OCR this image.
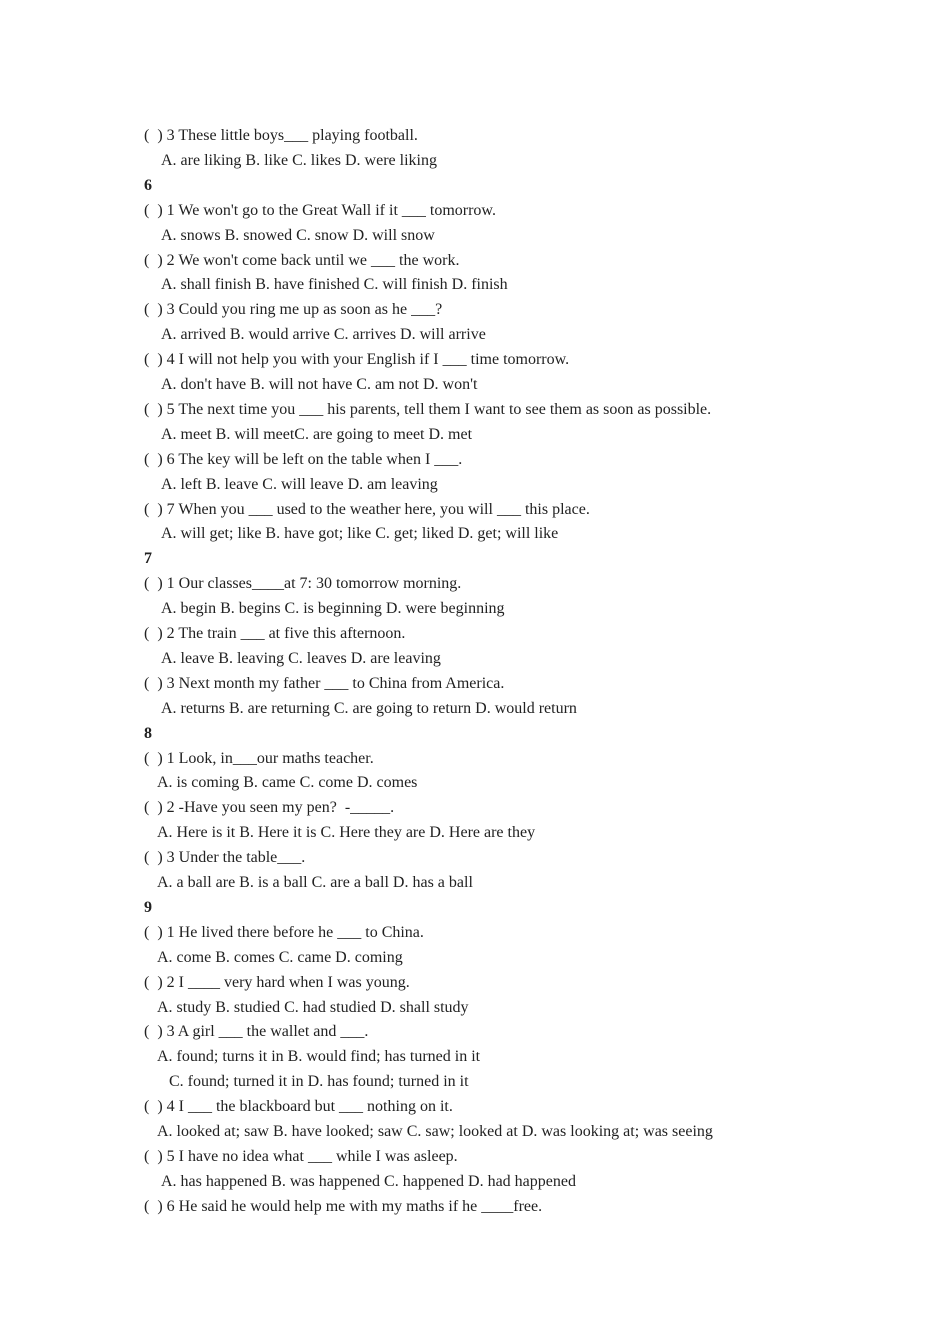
(  ) 3 These little boys___ playing football.
A. are liking B. like C. likes D. were liking
6
(  ) 1 We won't go to the Great Wall if it ___ tomorrow.
A. snows B. snowed C. snow D. will snow
(  ) 2 We won't come back until we ___ the work.
A. shall finish B. have finished C. will finish D. finish
(  ) 3 Could you ring me up as soon as he ___?
A. arrived B. would arrive C. arrives D. will arrive
(  ) 4 I will not help you with your English if I ___ time tomorrow.
A. don't have B. will not have C. am not D. won't
(  ) 5 The next time you ___ his parents, tell them I want to see them as soon as possible.
A. meet B. will meetC. are going to meet D. met
(  ) 6 The key will be left on the table when I ___.
A. left B. leave C. will leave D. am leaving
(  ) 7 When you ___ used to the weather here, you will ___ this place.
A. will get; like B. have got; like C. get; liked D. get; will like
7
(  ) 1 Our classes____at 7: 30 tomorrow morning.
A. begin B. begins C. is beginning D. were beginning
(  ) 2 The train ___ at five this afternoon.
A. leave B. leaving C. leaves D. are leaving
(  ) 3 Next month my father ___ to China from America.
A. returns B. are returning C. are going to return D. would return
8
(  ) 1 Look, in___our maths teacher.
A. is coming B. came C. come D. comes
(  ) 2 -Have you seen my pen?  -_____.
A. Here is it B. Here it is C. Here they are D. Here are they
(  ) 3 Under the table___.
A. a ball are B. is a ball C. are a ball D. has a ball
9
(  ) 1 He lived there before he ___ to China.
A. come B. comes C. came D. coming
(  ) 2 I ____ very hard when I was young.
A. study B. studied C. had studied D. shall study
(  ) 3 A girl ___ the wallet and ___.
A. found; turns it in B. would find; has turned in it
C. found; turned it in D. has found; turned in it
(  ) 4 I ___ the blackboard but ___ nothing on it.
A. looked at; saw B. have looked; saw C. saw; looked at D. was looking at; was seeing
(  ) 5 I have no idea what ___ while I was asleep.
A. has happened B. was happened C. happened D. had happened
(  ) 6 He said he would help me with my maths if he ____free.
